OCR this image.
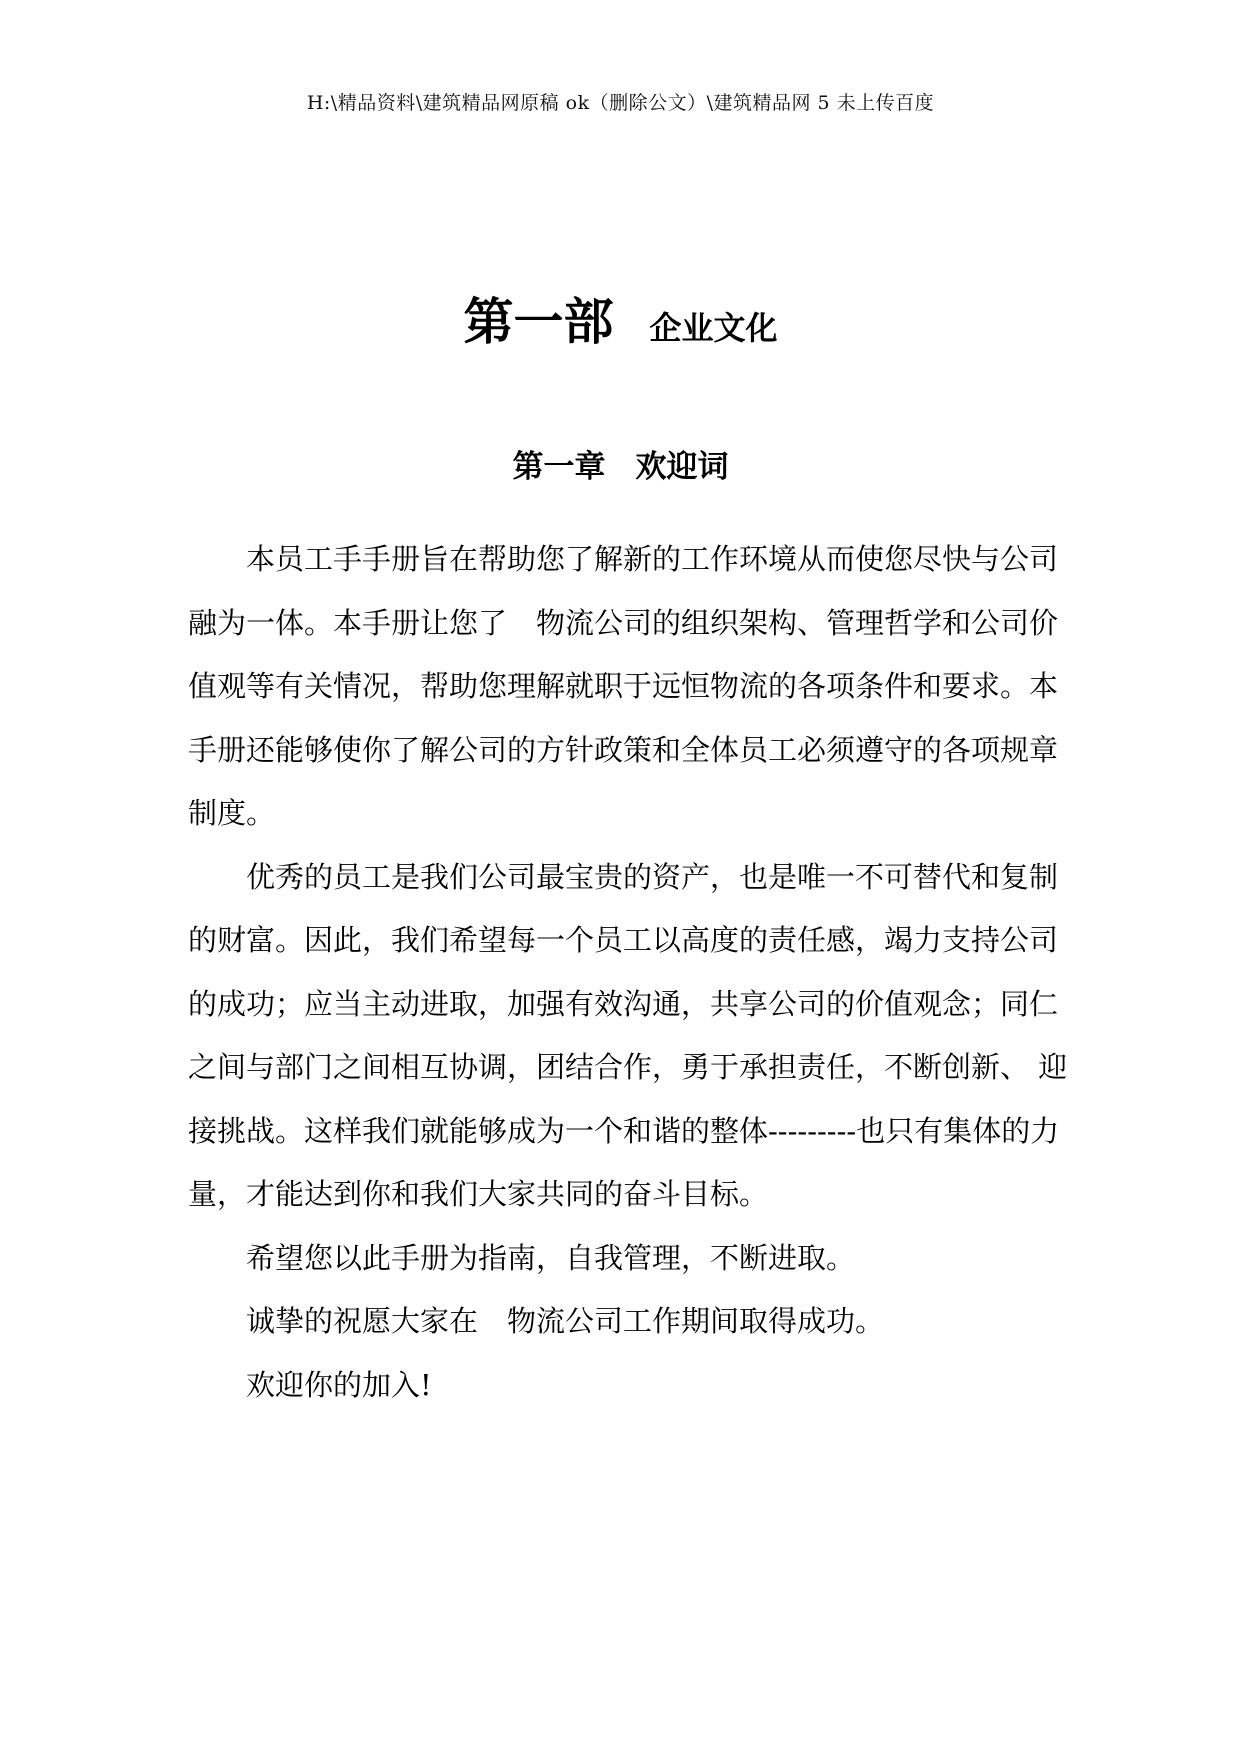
H:\精品资料\建筑精品网原稿 ok（删除公文）\建筑精品网 5 未上传百度
第一部 企业文化
第一章 欢迎词

本员工手手册旨在帮助您了解新的工作环境从而使您尽快与公司融为一体。本手册让您了　物流公司的组织架构、管理哲学和公司价值观等有关情况，帮助您理解就职于远恒物流的各项条件和要求。本手册还能够使你了解公司的方针政策和全体员工必须遵守的各项规章制度。

优秀的员工是我们公司最宝贵的资产，也是唯一不可替代和复制的财富。因此，我们希望每一个员工以高度的责任感，竭力支持公司的成功；应当主动进取，加强有效沟通，共享公司的价值观念；同仁之间与部门之间相互协调，团结合作，勇于承担责任，不断创新、 迎接挑战。这样我们就能够成为一个和谐的整体---------也只有集体的力量，才能达到你和我们大家共同的奋斗目标。

希望您以此手册为指南，自我管理，不断进取。

诚挚的祝愿大家在　物流公司工作期间取得成功。

欢迎你的加入!
